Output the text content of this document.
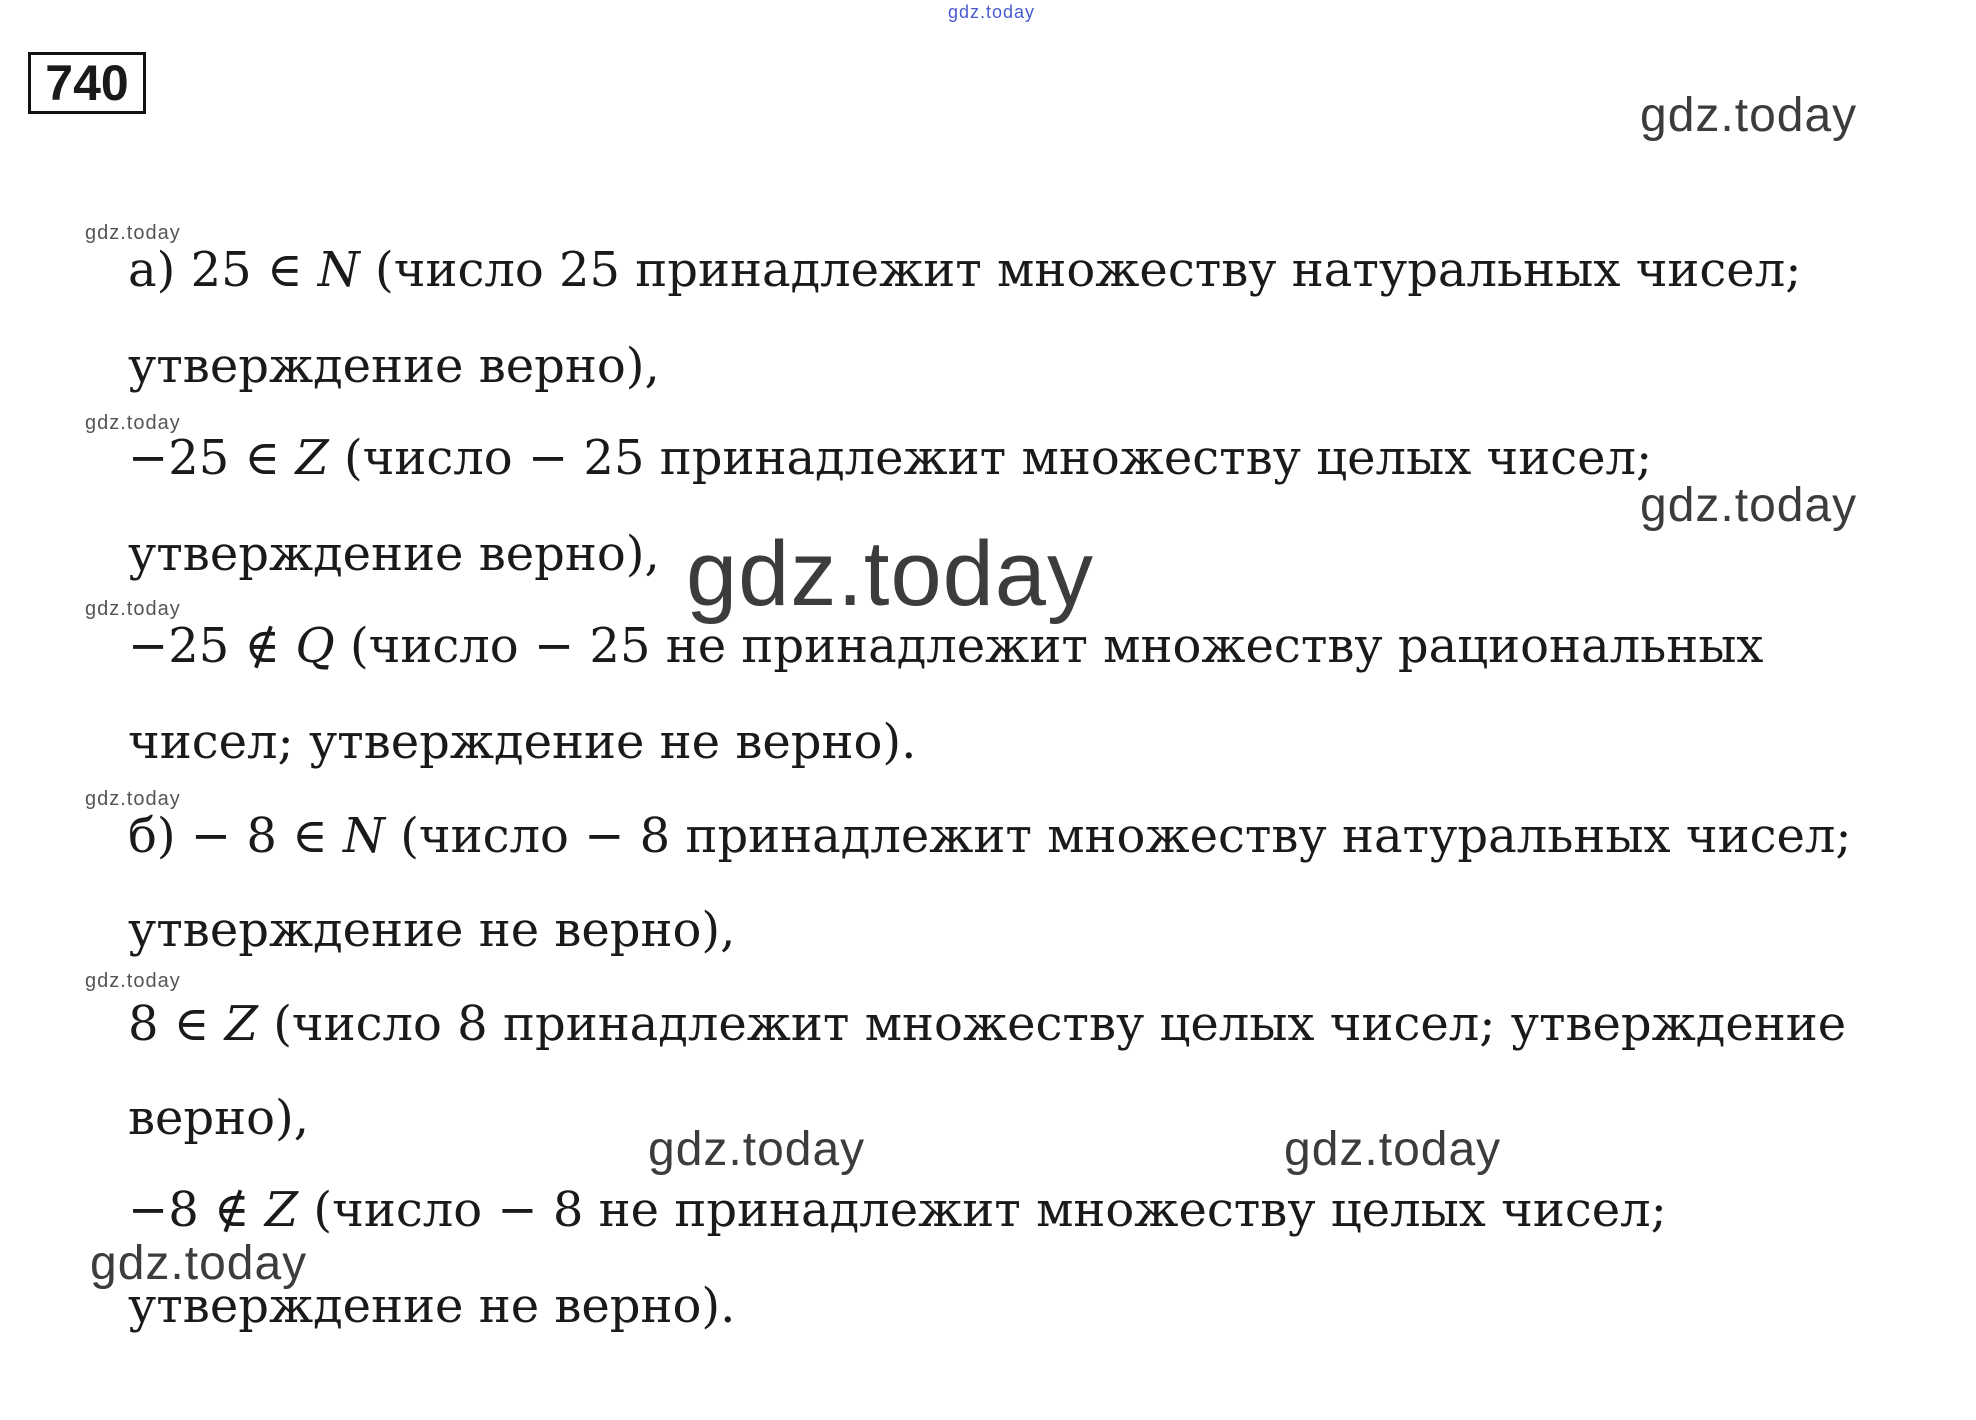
740
gdz.today
gdz.today
gdz.today
gdz.today
gdz.today	gdz.today
gdz.today
gdz.today
gdz.today
gdz.today
gdz.today
gdz.today
а) 25 ∈ 𝑁 (число 25 принадлежит множеству натуральных чисел;
утверждение верно),
−25 ∈ 𝑍 (число − 25 принадлежит множеству целых чисел;
утверждение верно),
−25 ∉ 𝑄 (число − 25 не принадлежит множеству рациональных
чисел; утверждение не верно).
б) − 8 ∈ 𝑁 (число − 8 принадлежит множеству натуральных чисел;
утверждение не верно),
8 ∈ 𝑍 (число 8 принадлежит множеству целых чисел; утверждение
верно),
−8 ∉ 𝑍 (число − 8 не принадлежит множеству целых чисел;
утверждение не верно).
